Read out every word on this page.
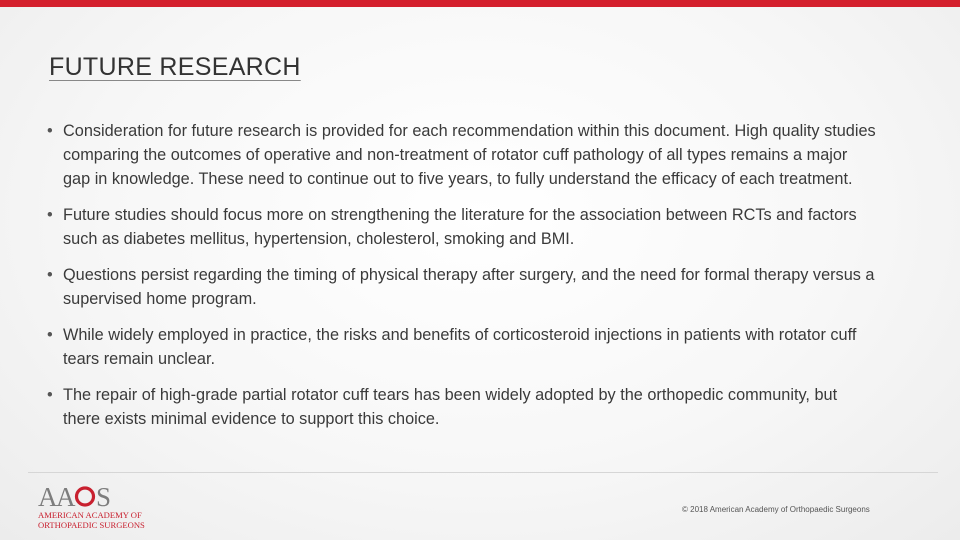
FUTURE RESEARCH
• Consideration for future research is provided for each recommendation within this document. High quality studies comparing the outcomes of operative and non-treatment of rotator cuff pathology of all types remains a major gap in knowledge. These need to continue out to five years, to fully understand the efficacy of each treatment.
• Future studies should focus more on strengthening the literature for the association between RCTs and factors such as diabetes mellitus, hypertension, cholesterol, smoking and BMI.
• Questions persist regarding the timing of physical therapy after surgery, and the need for formal therapy versus a supervised home program.
• While widely employed in practice, the risks and benefits of corticosteroid injections in patients with rotator cuff tears remain unclear.
• The repair of high-grade partial rotator cuff tears has been widely adopted by the orthopedic community, but there exists minimal evidence to support this choice.
A
A S
AMERICAN ACADEMY OF
ORTHOPAEDIC SURGEONS
© 2018 American Academy of Orthopaedic Surgeons
